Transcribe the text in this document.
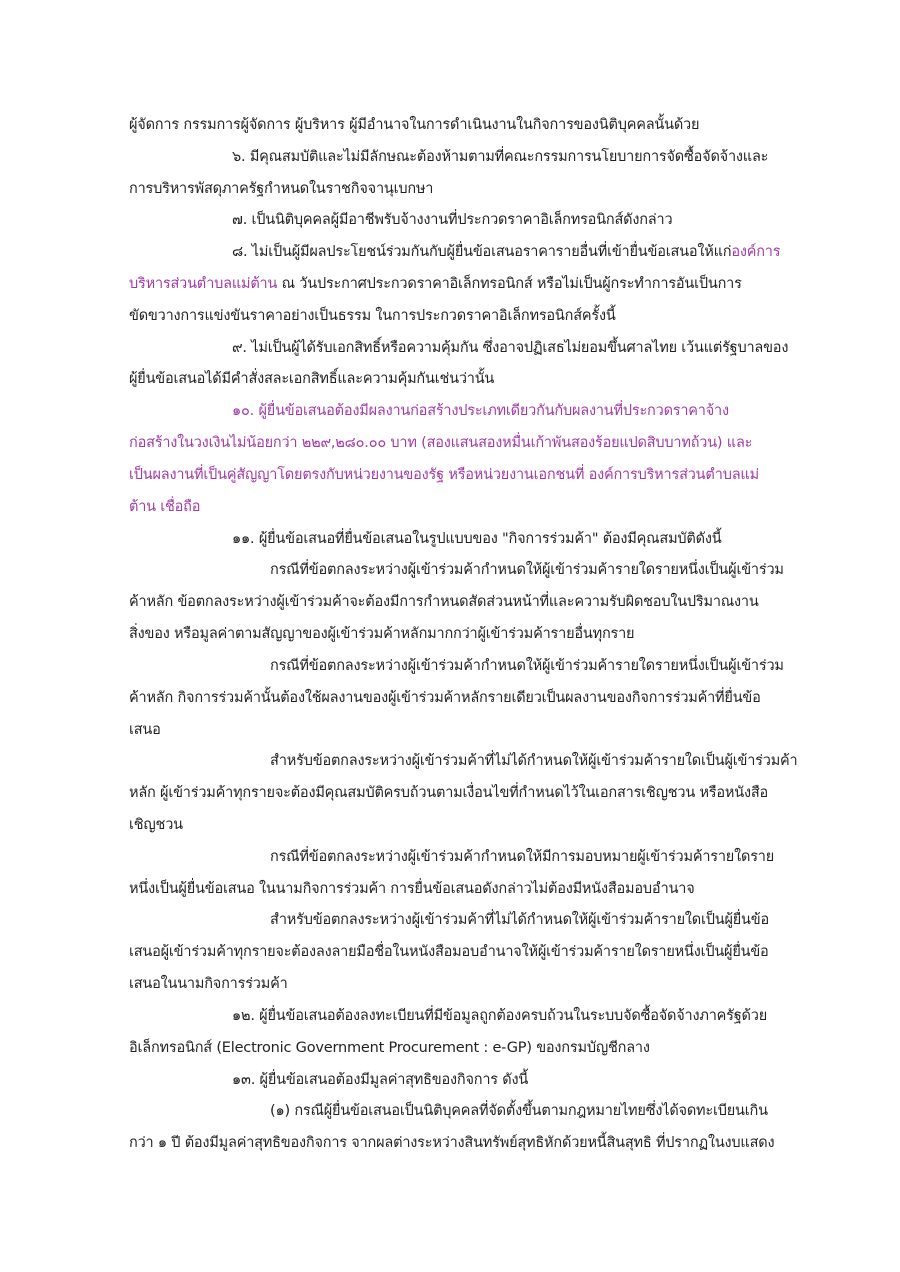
ผู้จัดการ กรรมการผู้จัดการ ผู้บริหาร ผู้มีอำนาจในการดำเนินงานในกิจการของนิติบุคคลนั้นด้วย
๖. มีคุณสมบัติและไม่มีลักษณะต้องห้ามตามที่คณะกรรมการนโยบายการจัดซื้อจัดจ้างและ
การบริหารพัสดุภาครัฐกำหนดในราชกิจจานุเบกษา
๗. เป็นนิติบุคคลผู้มีอาชีพรับจ้างงานที่ประกวดราคาอิเล็กทรอนิกส์ดังกล่าว
๘. ไม่เป็นผู้มีผลประโยชน์ร่วมกันกับผู้ยื่นข้อเสนอราคารายอื่นที่เข้ายื่นข้อเสนอให้แก่องค์การ
บริหารส่วนตำบลแม่ต้าน ณ วันประกาศประกวดราคาอิเล็กทรอนิกส์ หรือไม่เป็นผู้กระทำการอันเป็นการ
ขัดขวางการแข่งขันราคาอย่างเป็นธรรม ในการประกวดราคาอิเล็กทรอนิกส์ครั้งนี้
๙. ไม่เป็นผู้ได้รับเอกสิทธิ์หรือความคุ้มกัน ซึ่งอาจปฏิเสธไม่ยอมขึ้นศาลไทย เว้นแต่รัฐบาลของ
ผู้ยื่นข้อเสนอได้มีคำสั่งสละเอกสิทธิ์และความคุ้มกันเช่นว่านั้น
๑๐. ผู้ยื่นข้อเสนอต้องมีผลงานก่อสร้างประเภทเดียวกันกับผลงานที่ประกวดราคาจ้าง
ก่อสร้างในวงเงินไม่น้อยกว่า ๒๒๙,๒๘๐.๐๐ บาท (สองแสนสองหมื่นเก้าพันสองร้อยแปดสิบบาทถ้วน) และ
เป็นผลงานที่เป็นคู่สัญญาโดยตรงกับหน่วยงานของรัฐ หรือหน่วยงานเอกชนที่ องค์การบริหารส่วนตำบลแม่
ต้าน เชื่อถือ
๑๑. ผู้ยื่นข้อเสนอที่ยื่นข้อเสนอในรูปแบบของ "กิจการร่วมค้า" ต้องมีคุณสมบัติดังนี้
กรณีที่ข้อตกลงระหว่างผู้เข้าร่วมค้ากำหนดให้ผู้เข้าร่วมค้ารายใดรายหนึ่งเป็นผู้เข้าร่วม
ค้าหลัก ข้อตกลงระหว่างผู้เข้าร่วมค้าจะต้องมีการกำหนดสัดส่วนหน้าที่และความรับผิดชอบในปริมาณงาน
สิ่งของ หรือมูลค่าตามสัญญาของผู้เข้าร่วมค้าหลักมากกว่าผู้เข้าร่วมค้ารายอื่นทุกราย
กรณีที่ข้อตกลงระหว่างผู้เข้าร่วมค้ากำหนดให้ผู้เข้าร่วมค้ารายใดรายหนึ่งเป็นผู้เข้าร่วม
ค้าหลัก กิจการร่วมค้านั้นต้องใช้ผลงานของผู้เข้าร่วมค้าหลักรายเดียวเป็นผลงานของกิจการร่วมค้าที่ยื่นข้อ
เสนอ
สำหรับข้อตกลงระหว่างผู้เข้าร่วมค้าที่ไม่ได้กำหนดให้ผู้เข้าร่วมค้ารายใดเป็นผู้เข้าร่วมค้า
หลัก ผู้เข้าร่วมค้าทุกรายจะต้องมีคุณสมบัติครบถ้วนตามเงื่อนไขที่กำหนดไว้ในเอกสารเชิญชวน หรือหนังสือ
เชิญชวน
กรณีที่ข้อตกลงระหว่างผู้เข้าร่วมค้ากำหนดให้มีการมอบหมายผู้เข้าร่วมค้ารายใดราย
หนึ่งเป็นผู้ยื่นข้อเสนอ ในนามกิจการร่วมค้า การยื่นข้อเสนอดังกล่าวไม่ต้องมีหนังสือมอบอำนาจ
สำหรับข้อตกลงระหว่างผู้เข้าร่วมค้าที่ไม่ได้กำหนดให้ผู้เข้าร่วมค้ารายใดเป็นผู้ยื่นข้อ
เสนอผู้เข้าร่วมค้าทุกรายจะต้องลงลายมือชื่อในหนังสือมอบอำนาจให้ผู้เข้าร่วมค้ารายใดรายหนึ่งเป็นผู้ยื่นข้อ
เสนอในนามกิจการร่วมค้า
๑๒. ผู้ยื่นข้อเสนอต้องลงทะเบียนที่มีข้อมูลถูกต้องครบถ้วนในระบบจัดซื้อจัดจ้างภาครัฐด้วย
อิเล็กทรอนิกส์ (Electronic Government Procurement : e-GP) ของกรมบัญชีกลาง
๑๓. ผู้ยื่นข้อเสนอต้องมีมูลค่าสุทธิของกิจการ ดังนี้
(๑) กรณีผู้ยื่นข้อเสนอเป็นนิติบุคคลที่จัดตั้งขึ้นตามกฎหมายไทยซึ่งได้จดทะเบียนเกิน
กว่า ๑ ปี ต้องมีมูลค่าสุทธิของกิจการ จากผลต่างระหว่างสินทรัพย์สุทธิหักด้วยหนี้สินสุทธิ ที่ปรากฏในงบแสดง
